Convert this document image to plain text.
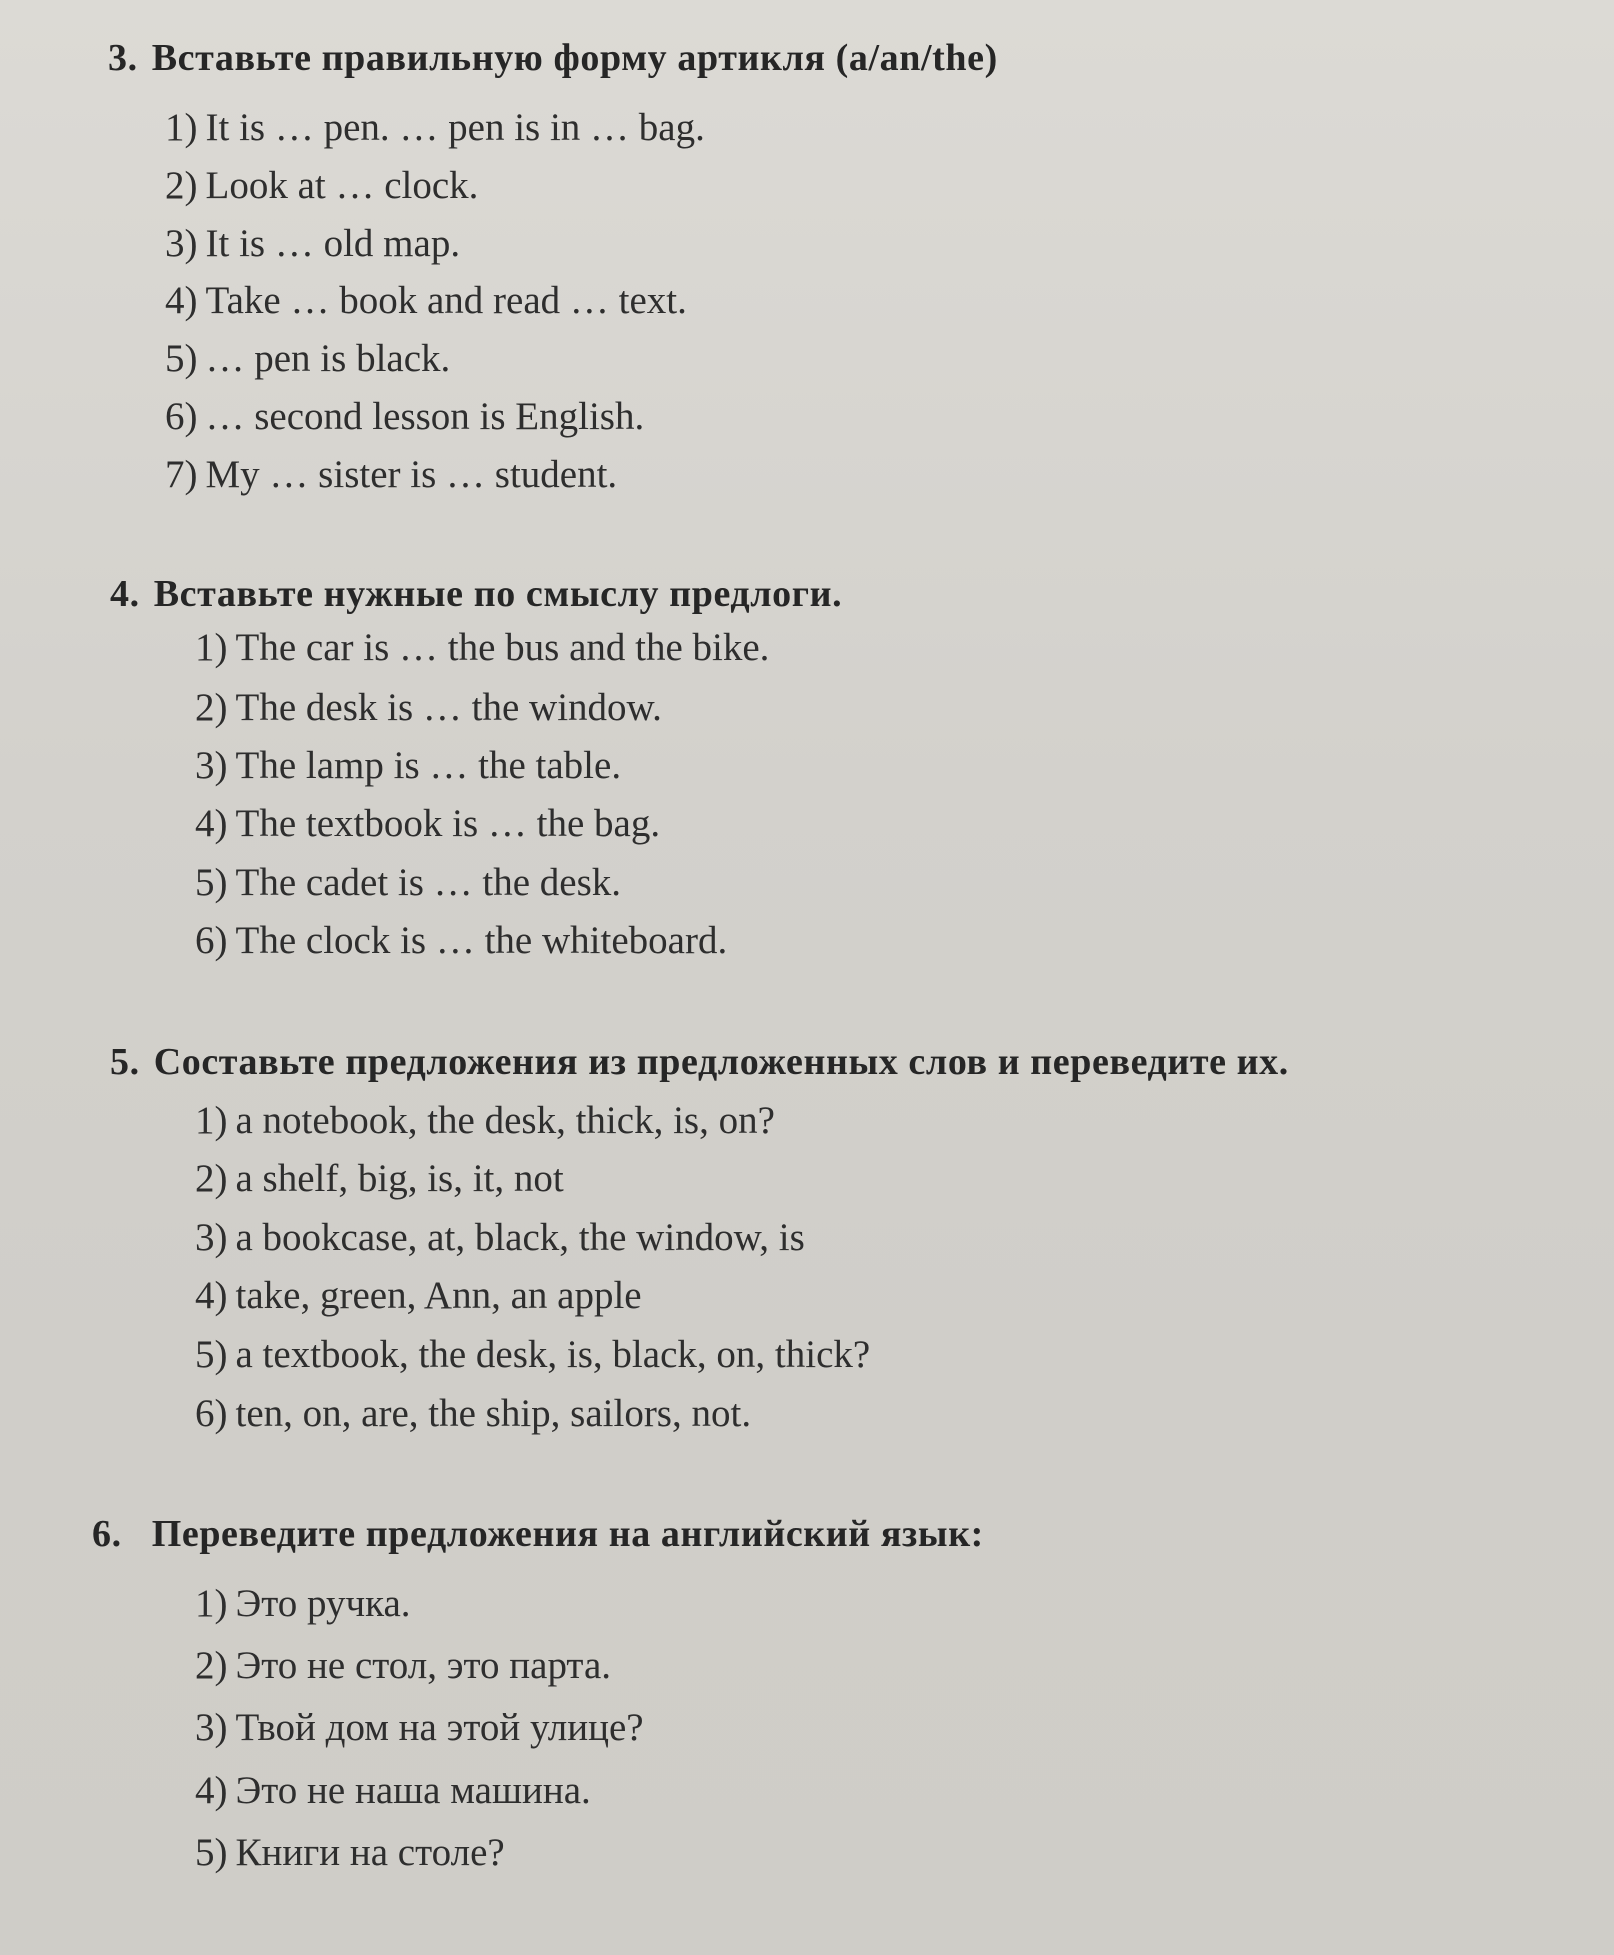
3. Вставьте правильную форму артикля (a/an/the)
1) It is … pen. … pen is in … bag.
2) Look at … clock.
3) It is … old map.
4) Take … book and read … text.
5) … pen is black.
6) … second lesson is English.
7) My … sister is … student.
4. Вставьте нужные по смыслу предлоги.
1) The car is … the bus and the bike.
2) The desk is … the window.
3) The lamp is … the table.
4) The textbook is … the bag.
5) The cadet is … the desk.
6) The clock is … the whiteboard.
5. Составьте предложения из предложенных слов и переведите их.
1) a notebook, the desk, thick, is, on?
2) a shelf, big, is, it, not
3) a bookcase, at, black, the window, is
4) take, green, Ann, an apple
5) a textbook, the desk, is, black, on, thick?
6) ten, on, are, the ship, sailors, not.
6. Переведите предложения на английский язык:
1) Это ручка.
2) Это не стол, это парта.
3) Твой дом на этой улице?
4) Это не наша машина.
5) Книги на столе?
